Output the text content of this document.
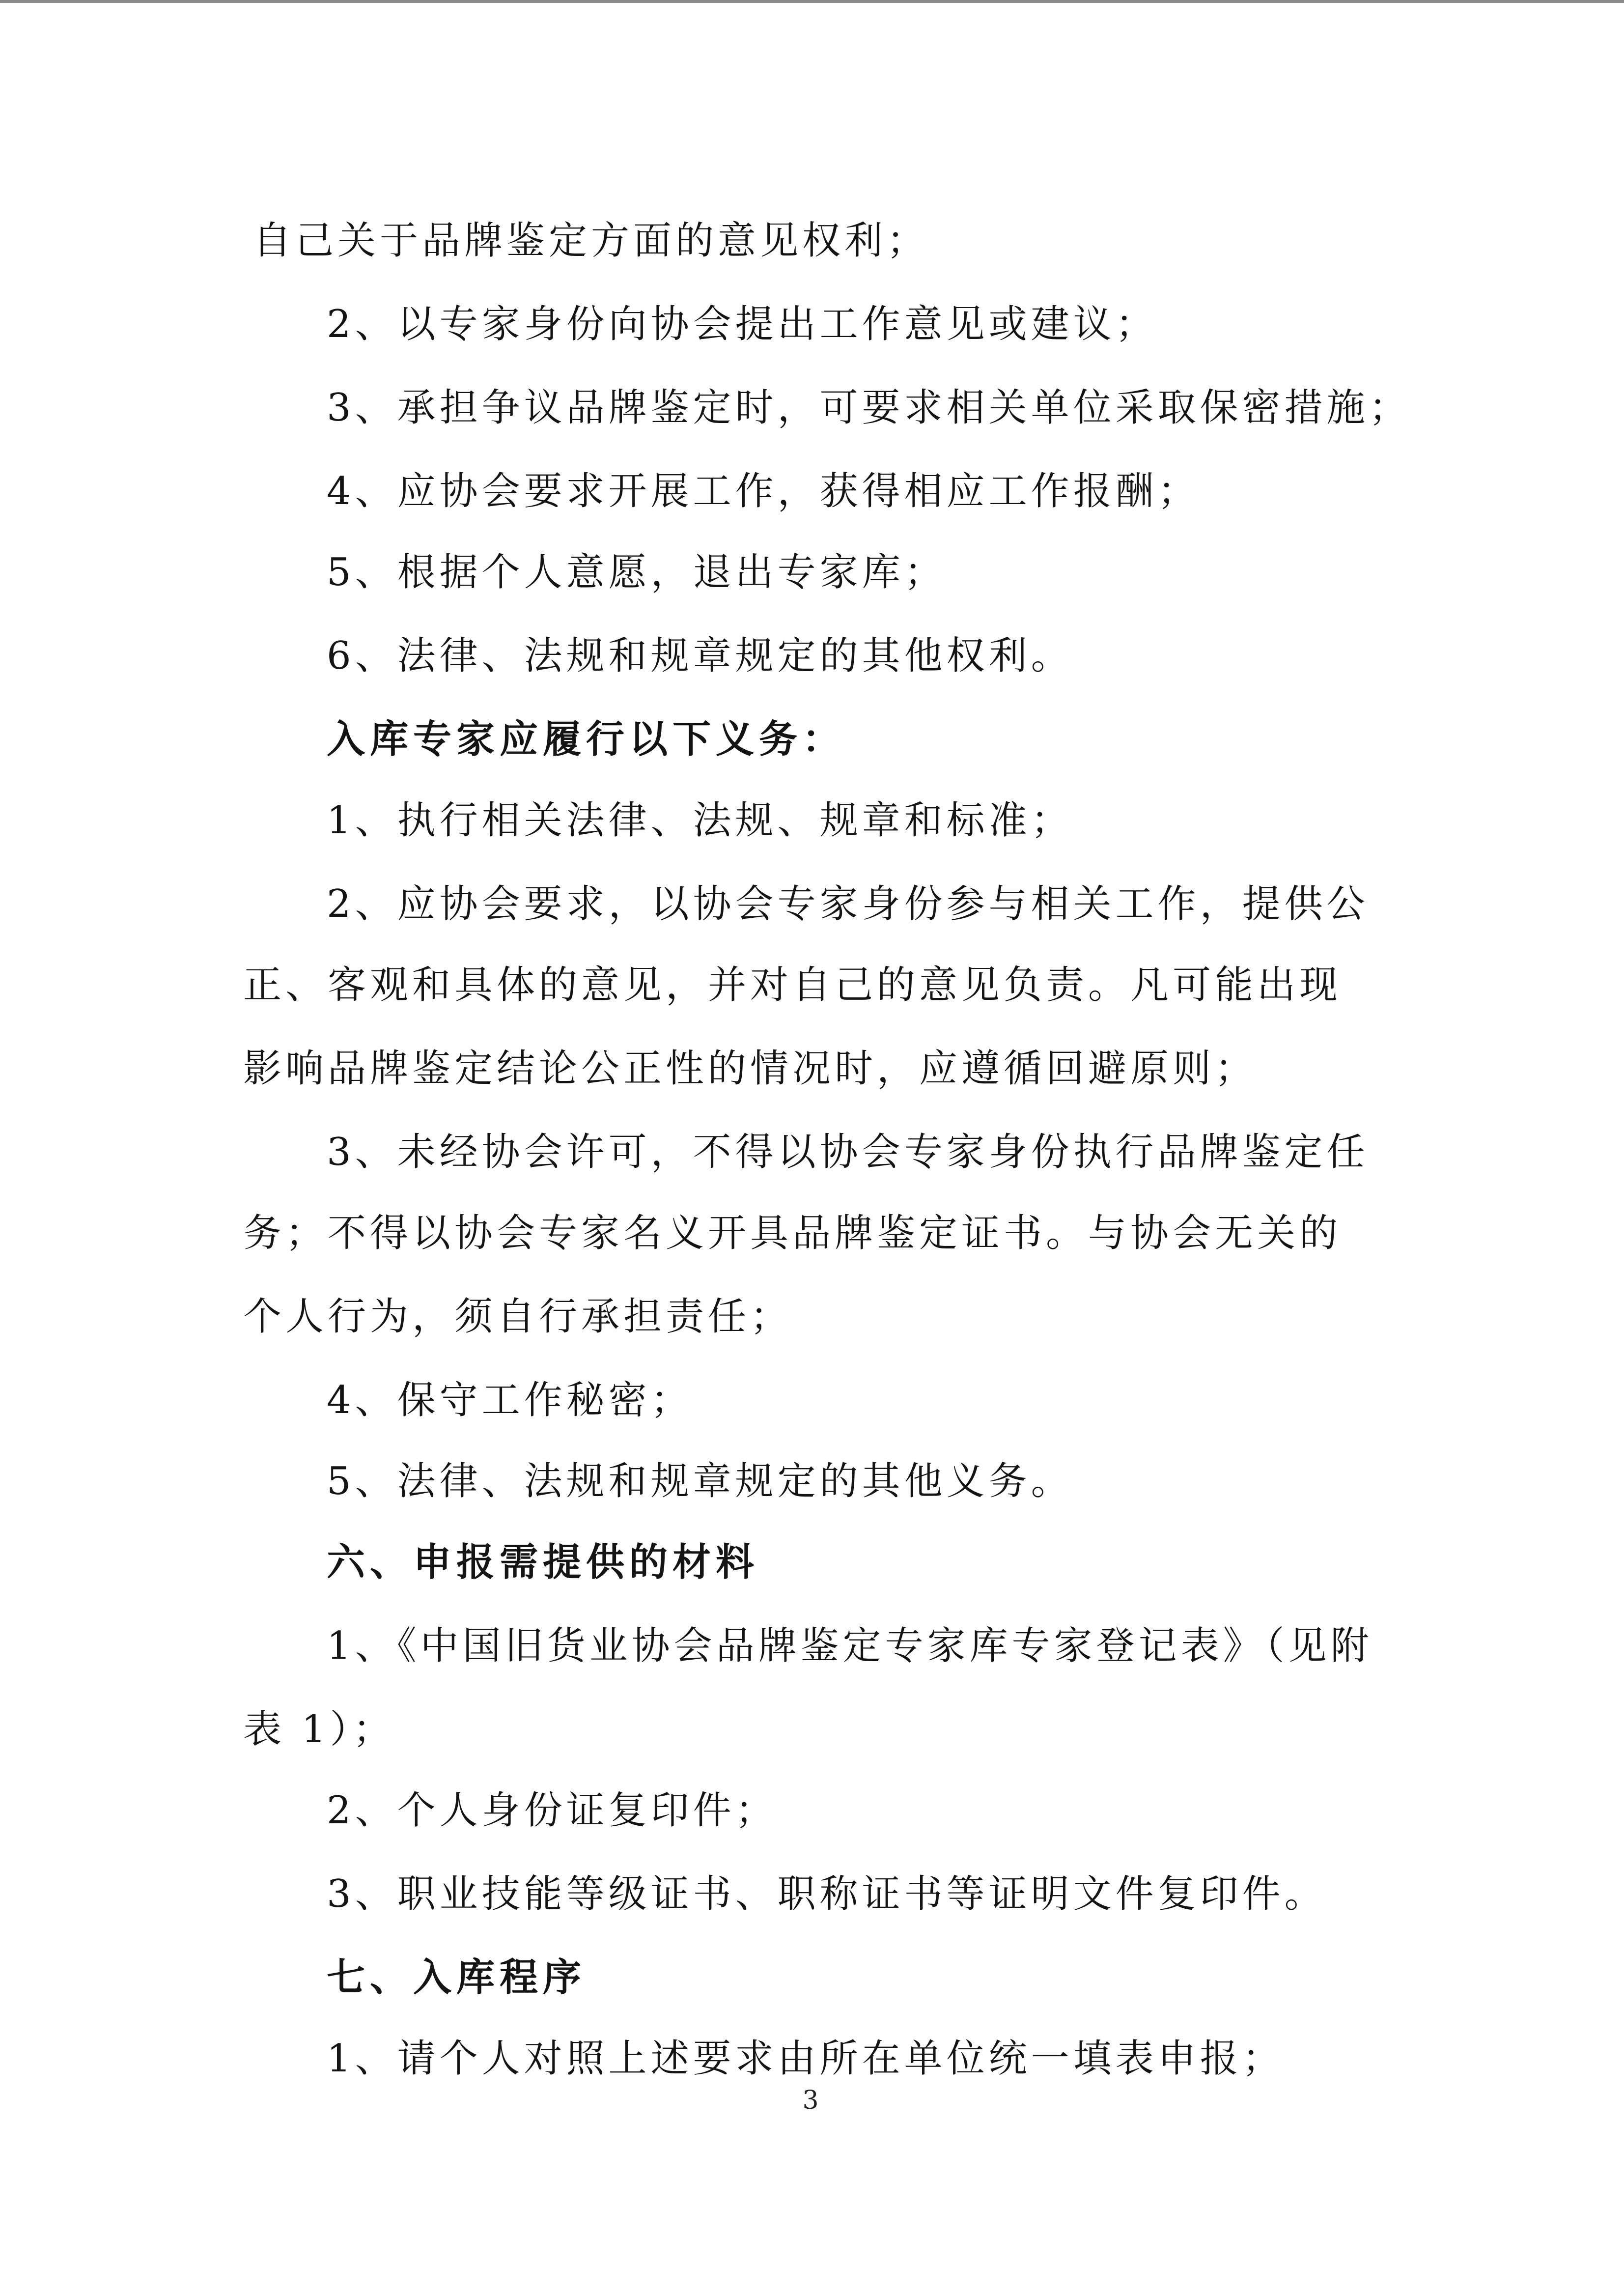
自己关于品牌鉴定方面的意见权利；
2、以专家身份向协会提出工作意见或建议；
3、承担争议品牌鉴定时，可要求相关单位采取保密措施；
4、应协会要求开展工作，获得相应工作报酬；
5、根据个人意愿，退出专家库；
6、法律、法规和规章规定的其他权利。
入库专家应履行以下义务：
1、执行相关法律、法规、规章和标准；
2、应协会要求，以协会专家身份参与相关工作，提供公
正、客观和具体的意见，并对自己的意见负责。凡可能出现
影响品牌鉴定结论公正性的情况时，应遵循回避原则；
3、未经协会许可，不得以协会专家身份执行品牌鉴定任
务；不得以协会专家名义开具品牌鉴定证书。与协会无关的
个人行为，须自行承担责任；
4、保守工作秘密；
5、法律、法规和规章规定的其他义务。
六、申报需提供的材料
1、《中国旧货业协会品牌鉴定专家库专家登记表》（见附
表 1）；
2、个人身份证复印件；
3、职业技能等级证书、职称证书等证明文件复印件。
七、入库程序
1、请个人对照上述要求由所在单位统一填表申报；
3
